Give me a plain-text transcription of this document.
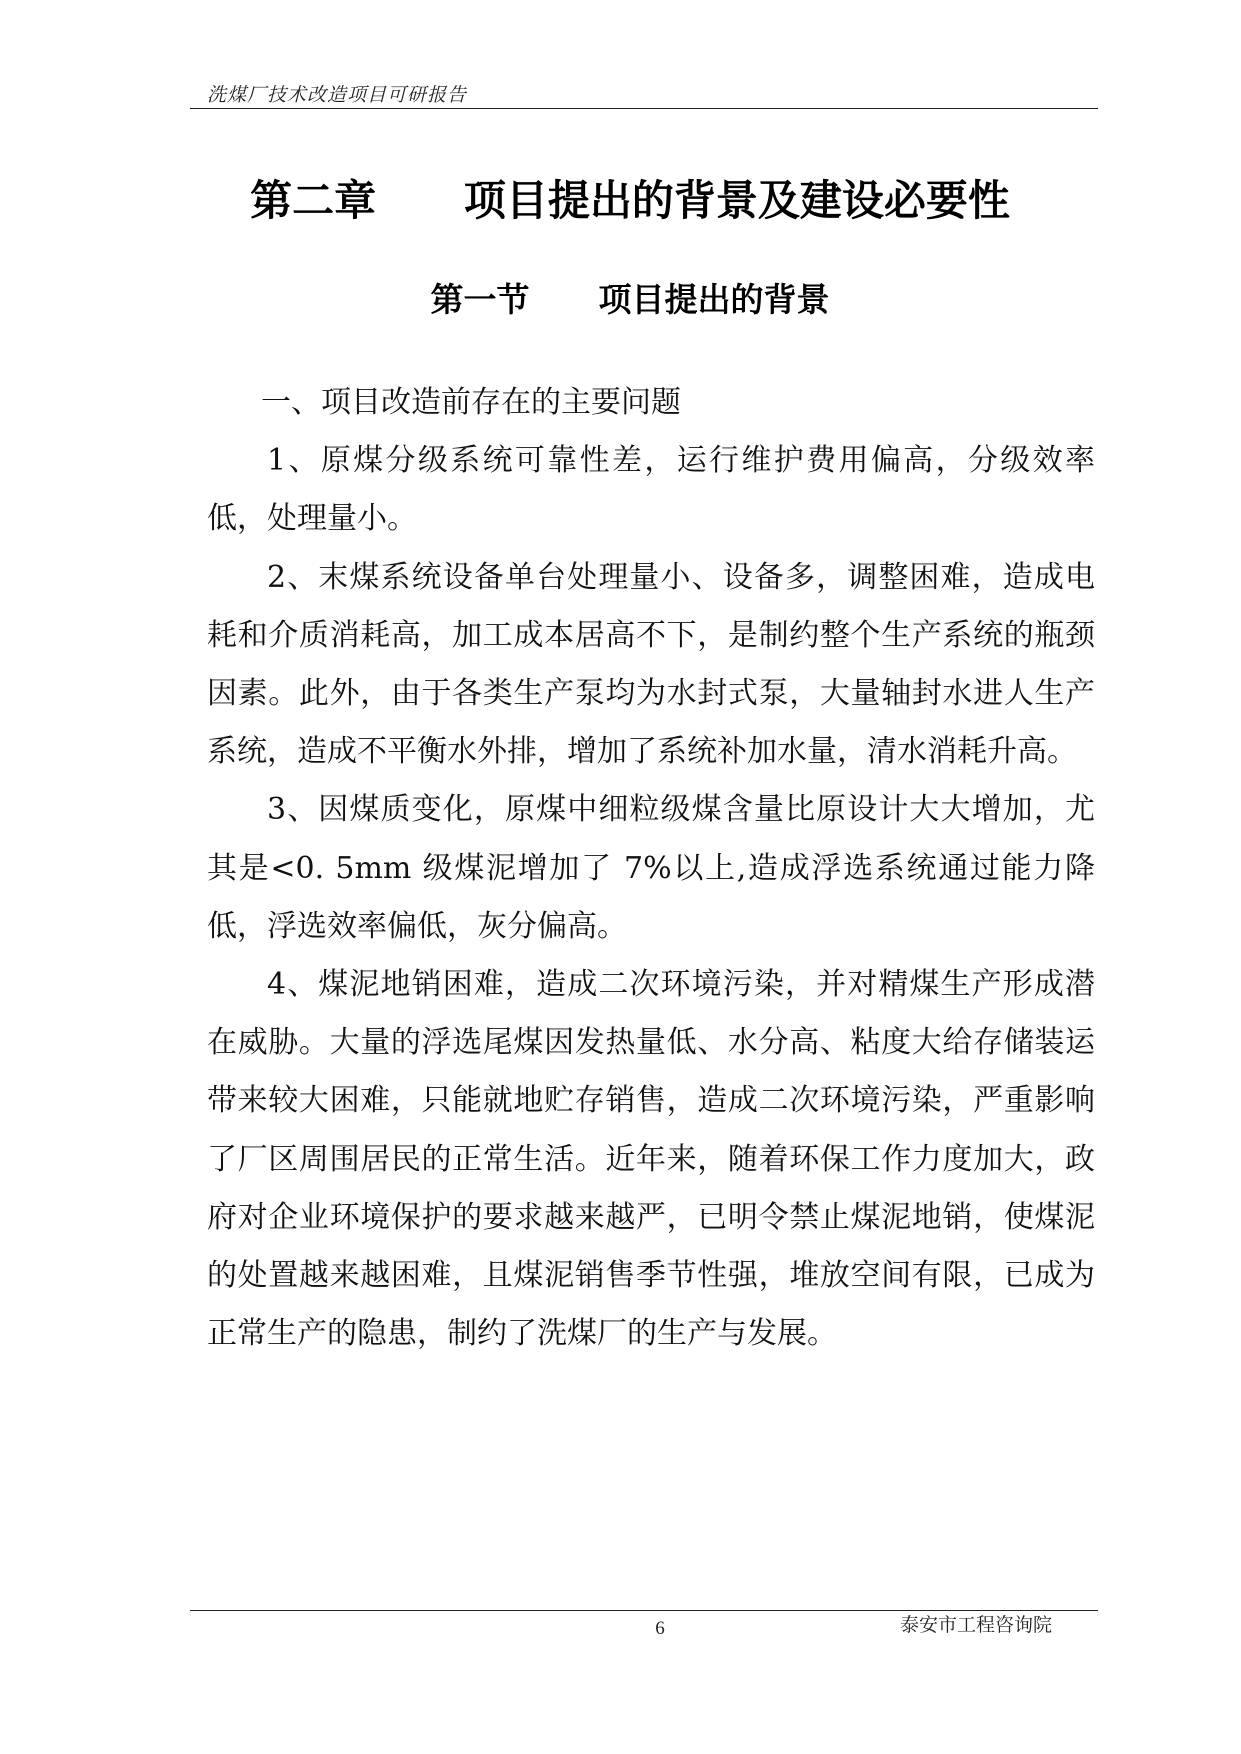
洗煤厂技术改造项目可研报告
第二章      项目提出的背景及建设必要性
第一节      项目提出的背景

一、项目改造前存在的主要问题

1、原煤分级系统可靠性差，运行维护费用偏高，分级效率低，处理量小。

2、末煤系统设备单台处理量小、设备多，调整困难，造成电耗和介质消耗高，加工成本居高不下，是制约整个生产系统的瓶颈因素。此外，由于各类生产泵均为水封式泵，大量轴封水进人生产系统，造成不平衡水外排，增加了系统补加水量，清水消耗升高。

3、因煤质变化，原煤中细粒级煤含量比原设计大大增加，尤其是<0. 5mm 级煤泥增加了 7%以上,造成浮选系统通过能力降低，浮选效率偏低，灰分偏高。

4、煤泥地销困难，造成二次环境污染，并对精煤生产形成潜在威胁。大量的浮选尾煤因发热量低、水分高、粘度大给存储装运带来较大困难，只能就地贮存销售，造成二次环境污染，严重影响了厂区周围居民的正常生活。近年来，随着环保工作力度加大，政府对企业环境保护的要求越来越严，已明令禁止煤泥地销，使煤泥的处置越来越困难，且煤泥销售季节性强，堆放空间有限，已成为正常生产的隐患，制约了洗煤厂的生产与发展。

6	泰安市工程咨询院
